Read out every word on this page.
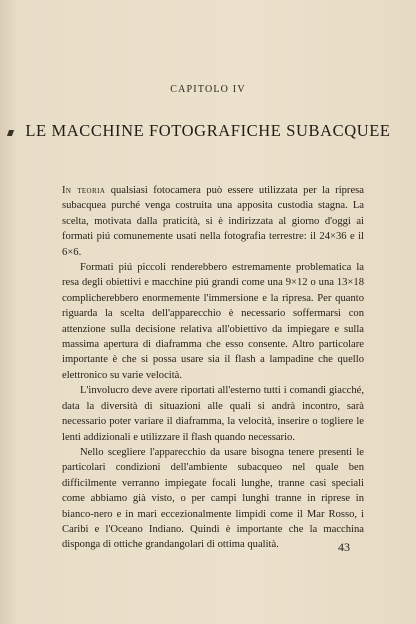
CAPITOLO IV
LE MACCHINE FOTOGRAFICHE SUBACQUEE

In teoria qualsiasi fotocamera può essere utilizzata per la ripresa subacquea purché venga costruita una apposita custodia stagna. La scelta, motivata dalla praticità, si è indirizzata al giorno d'oggi ai formati piú comunemente usati nella fotografia terrestre: il 24×36 e il 6×6.

Formati piú piccoli renderebbero estremamente problematica la resa degli obiettivi e macchine piú grandi come una 9×12 o una 13×18 complicherebbero enormemente l'immersione e la ripresa. Per quanto riguarda la scelta dell'apparecchio è necessario soffermarsi con attenzione sulla decisione relativa all'obiettivo da impiegare e sulla massima apertura di diaframma che esso consente. Altro particolare importante è che si possa usare sia il flash a lampadine che quello elettronico su varie velocità.

L'involucro deve avere riportati all'esterno tutti i comandi giacché, data la diversità di situazioni alle quali si andrà incontro, sarà necessario poter variare il diaframma, la velocità, inserire o togliere le lenti addizionali e utilizzare il flash quando necessario.

Nello scegliere l'apparecchio da usare bisogna tenere presenti le particolari condizioni dell'ambiente subacqueo nel quale ben difficilmente verranno impiegate focali lunghe, tranne casi speciali come abbiamo già visto, o per campi lunghi tranne in riprese in bianco-nero e in mari eccezionalmente limpidi come il Mar Rosso, i Caribi e l'Oceano Indiano. Quindi è importante che la macchina disponga di ottiche grandangolari di ottima qualità.	43
